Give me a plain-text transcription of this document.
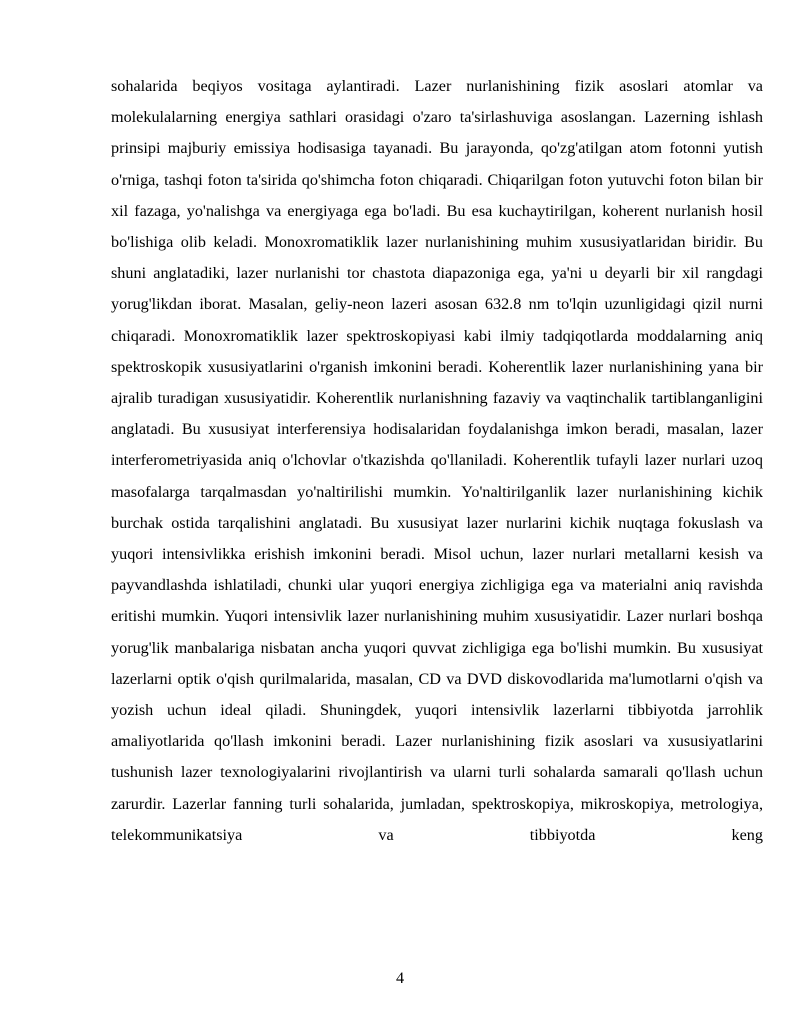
sohalarida beqiyos vositaga aylantiradi. Lazer nurlanishining fizik asoslari atomlar va molekulalarning energiya sathlari orasidagi o'zaro ta'sirlashuviga asoslangan. Lazerning ishlash prinsipi majburiy emissiya hodisasiga tayanadi. Bu jarayonda, qo'zg'atilgan atom fotonni yutish o'rniga, tashqi foton ta'sirida qo'shimcha foton chiqaradi. Chiqarilgan foton yutuvchi foton bilan bir xil fazaga, yo'nalishga va energiyaga ega bo'ladi. Bu esa kuchaytirilgan, koherent nurlanish hosil bo'lishiga olib keladi. Monoxromatiklik lazer nurlanishining muhim xususiyatlaridan biridir. Bu shuni anglatadiki, lazer nurlanishi tor chastota diapazoniga ega, ya'ni u deyarli bir xil rangdagi yorug'likdan iborat. Masalan, geliy-neon lazeri asosan 632.8 nm to'lqin uzunligidagi qizil nurni chiqaradi. Monoxromatiklik lazer spektroskopiyasi kabi ilmiy tadqiqotlarda moddalarning aniq spektroskopik xususiyatlarini o'rganish imkonini beradi. Koherentlik lazer nurlanishining yana bir ajralib turadigan xususiyatidir. Koherentlik nurlanishning fazaviy va vaqtinchalik tartiblanganligini anglatadi. Bu xususiyat interferensiya hodisalaridan foydalanishga imkon beradi, masalan, lazer interferometriyasida aniq o'lchovlar o'tkazishda qo'llaniladi. Koherentlik tufayli lazer nurlari uzoq masofalarga tarqalmasdan yo'naltirilishi mumkin. Yo'naltirilganlik lazer nurlanishining kichik burchak ostida tarqalishini anglatadi. Bu xususiyat lazer nurlarini kichik nuqtaga fokuslash va yuqori intensivlikka erishish imkonini beradi. Misol uchun, lazer nurlari metallarni kesish va payvandlashda ishlatiladi, chunki ular yuqori energiya zichligiga ega va materialni aniq ravishda eritishi mumkin. Yuqori intensivlik lazer nurlanishining muhim xususiyatidir. Lazer nurlari boshqa yorug'lik manbalariga nisbatan ancha yuqori quvvat zichligiga ega bo'lishi mumkin. Bu xususiyat lazerlarni optik o'qish qurilmalarida, masalan, CD va DVD diskovodlarida ma'lumotlarni o'qish va yozish uchun ideal qiladi. Shuningdek, yuqori intensivlik lazerlarni tibbiyotda jarrohlik amaliyotlarida qo'llash imkonini beradi. Lazer nurlanishining fizik asoslari va xususiyatlarini tushunish lazer texnologiyalarini rivojlantirish va ularni turli sohalarda samarali qo'llash uchun zarurdir. Lazerlar fanning turli sohalarida, jumladan, spektroskopiya, mikroskopiya, metrologiya, telekommunikatsiya va tibbiyotda keng

4
